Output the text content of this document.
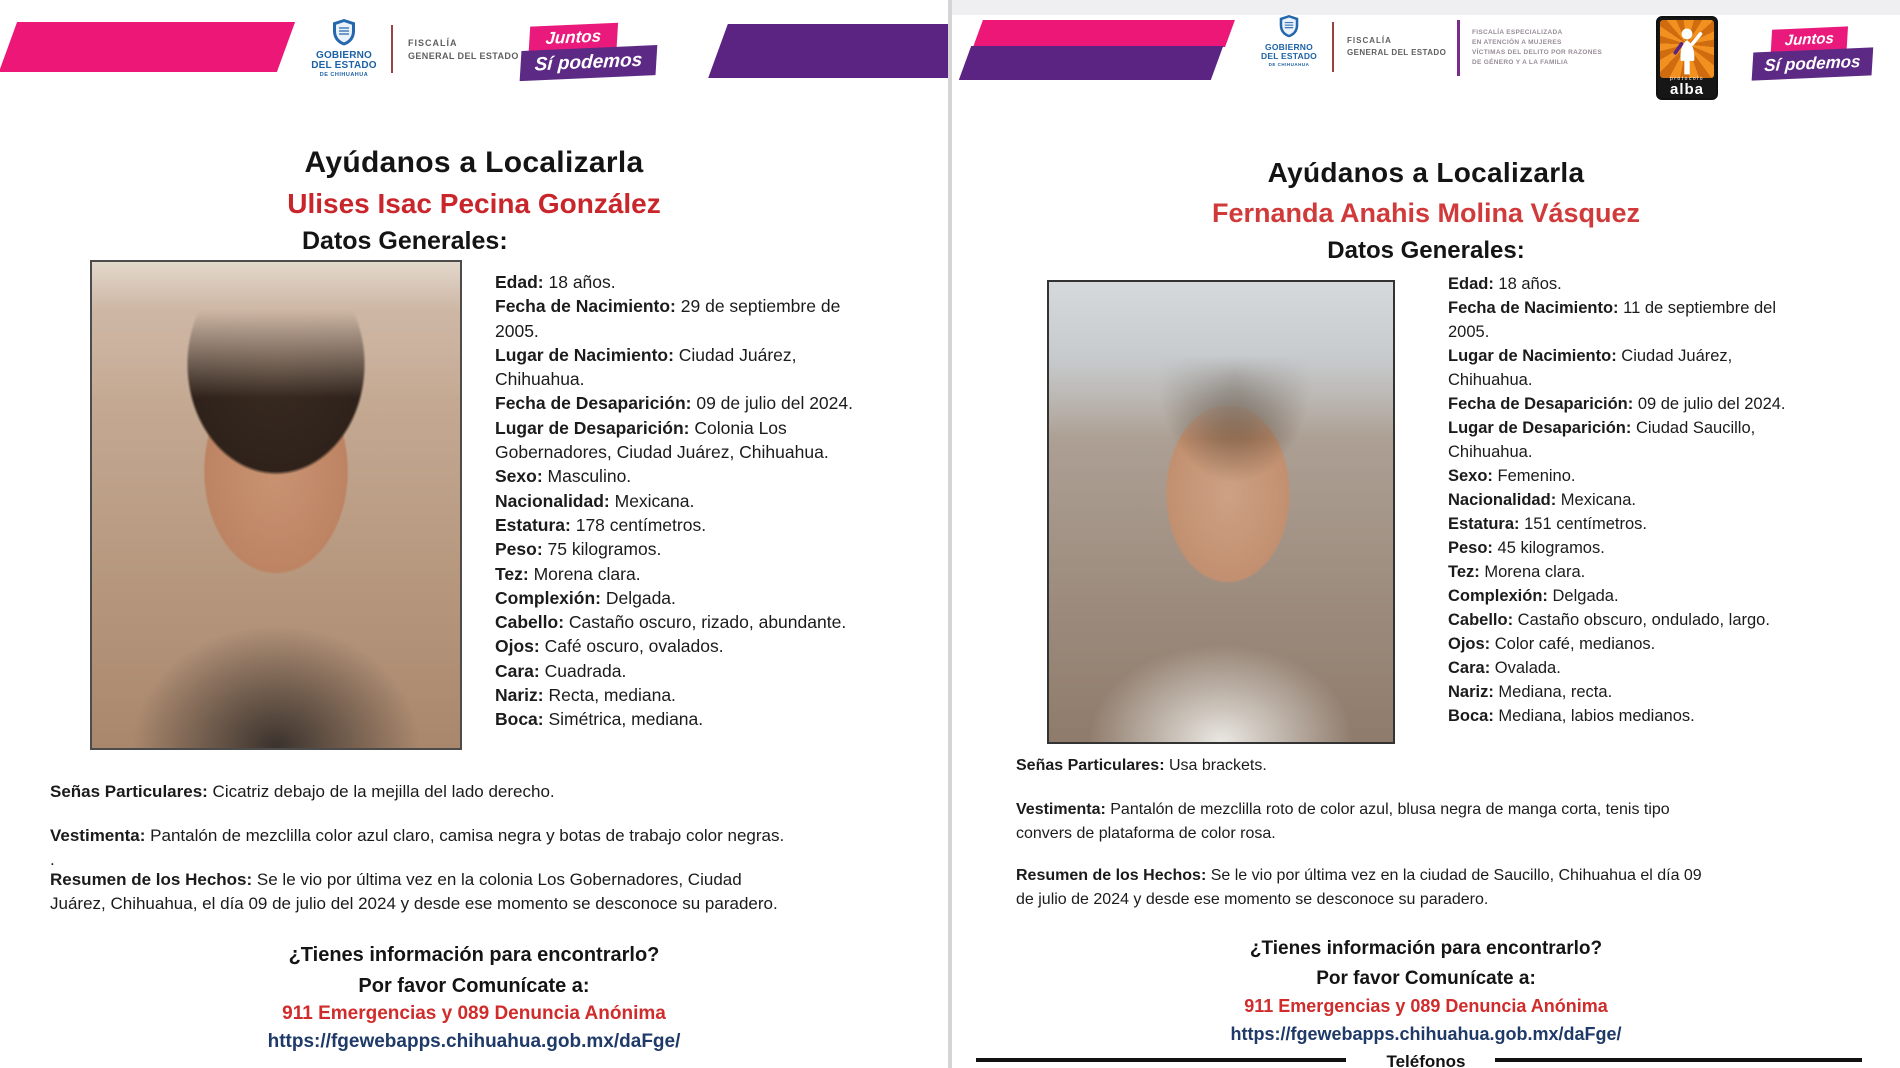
GOBIERNO
DEL ESTADO
DE CHIHUAHUA
FISCALÍA
GENERAL DEL ESTADO
Juntos
Sí podemos
Ayúdanos a Localizarla
Ulises Isac Pecina González
Datos Generales:
Edad: 18 años.
Fecha de Nacimiento: 29 de septiembre de
2005.
Lugar de Nacimiento: Ciudad Juárez,
Chihuahua.
Fecha de Desaparición: 09 de julio del 2024.
Lugar de Desaparición: Colonia Los
Gobernadores, Ciudad Juárez, Chihuahua.
Sexo: Masculino.
Nacionalidad: Mexicana.
Estatura: 178 centímetros.
Peso: 75 kilogramos.
Tez: Morena clara.
Complexión: Delgada.
Cabello: Castaño oscuro, rizado, abundante.
Ojos: Café oscuro, ovalados.
Cara: Cuadrada.
Nariz: Recta, mediana.
Boca: Simétrica, mediana.
Señas Particulares: Cicatriz debajo de la mejilla del lado derecho.
Vestimenta: Pantalón de mezclilla color azul claro, camisa negra y botas de trabajo color negras.
.
Resumen de los Hechos: Se le vio por última vez en la colonia Los Gobernadores, Ciudad
Juárez, Chihuahua, el día 09 de julio del 2024 y desde ese momento se desconoce su paradero.
¿Tienes información para encontrarlo?
Por favor Comunícate a:
911 Emergencias y 089 Denuncia Anónima
https://fgewebapps.chihuahua.gob.mx/daFge/
GOBIERNO
DEL ESTADO
DE CHIHUAHUA
FISCALÍA
GENERAL DEL ESTADO
FISCALÍA ESPECIALIZADA
EN ATENCIÓN A MUJERES
VÍCTIMAS DEL DELITO POR RAZONES
DE GÉNERO Y A LA FAMILIA
protocolo
alba
Juntos
Sí podemos
Ayúdanos a Localizarla
Fernanda Anahis Molina Vásquez
Datos Generales:
Edad: 18 años.
Fecha de Nacimiento: 11 de septiembre del
2005.
Lugar de Nacimiento: Ciudad Juárez,
Chihuahua.
Fecha de Desaparición: 09 de julio del 2024.
Lugar de Desaparición: Ciudad Saucillo,
Chihuahua.
Sexo: Femenino.
Nacionalidad: Mexicana.
Estatura: 151 centímetros.
Peso: 45 kilogramos.
Tez: Morena clara.
Complexión: Delgada.
Cabello: Castaño obscuro, ondulado, largo.
Ojos: Color café, medianos.
Cara: Ovalada.
Nariz: Mediana, recta.
Boca: Mediana, labios medianos.
Señas Particulares: Usa brackets.
Vestimenta: Pantalón de mezclilla roto de color azul, blusa negra de manga corta, tenis tipo
convers de plataforma de color rosa.
Resumen de los Hechos: Se le vio por última vez en la ciudad de Saucillo, Chihuahua el día 09
de julio de 2024 y desde ese momento se desconoce su paradero.
¿Tienes información para encontrarlo?
Por favor Comunícate a:
911 Emergencias y 089 Denuncia Anónima
https://fgewebapps.chihuahua.gob.mx/daFge/
Teléfonos
